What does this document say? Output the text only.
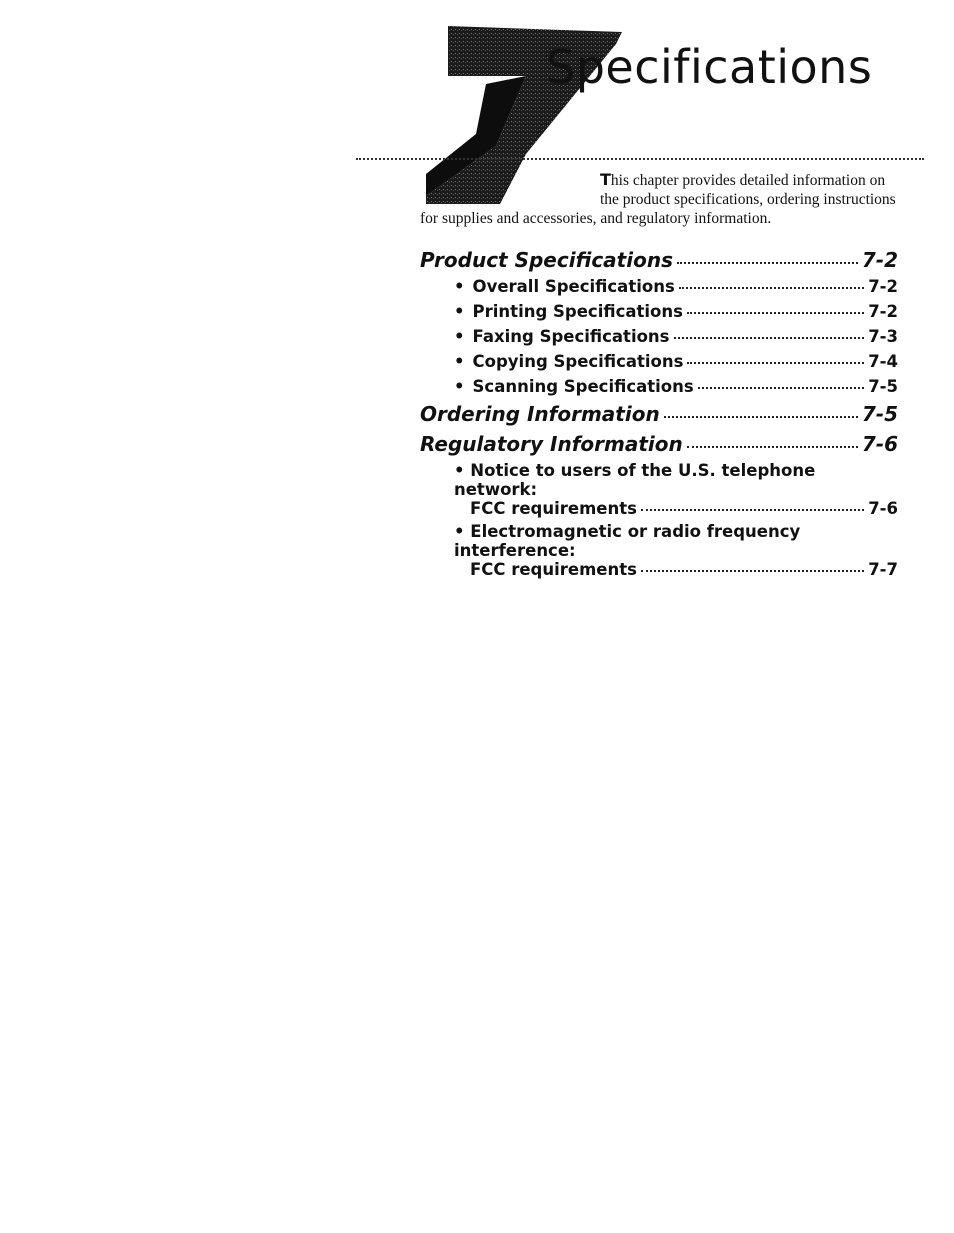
Specifications

This chapter provides detailed information on
the product specifications, ordering instructions
for supplies and accessories, and regulatory information.

Product Specifications	7-2
• Overall Specifications	7-2
• Printing Specifications	7-2
• Faxing Specifications	7-3
• Copying Specifications	7-4
• Scanning Specifications	7-5
Ordering Information	7-5
Regulatory Information	7-6
• Notice to users of the U.S. telephone network:
FCC requirements	7-6
• Electromagnetic or radio frequency interference:
FCC requirements	7-7
